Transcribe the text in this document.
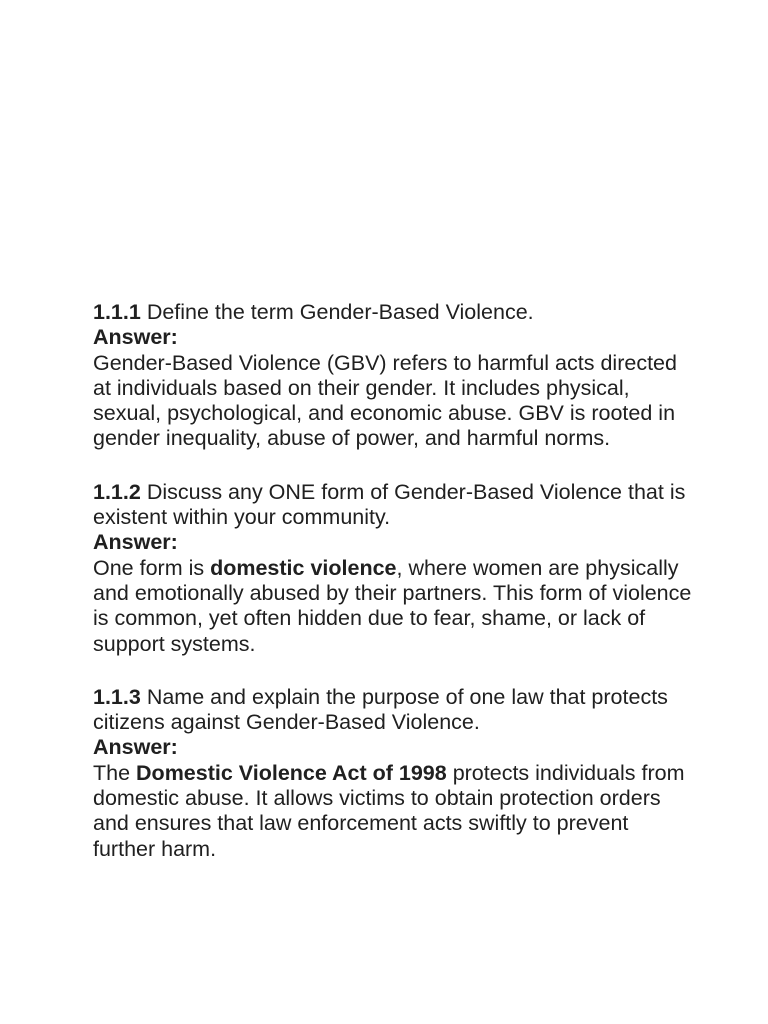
1.1.1 Define the term Gender-Based Violence.

Answer:

Gender-Based Violence (GBV) refers to harmful acts directed at individuals based on their gender. It includes physical, sexual, psychological, and economic abuse. GBV is rooted in gender inequality, abuse of power, and harmful norms.

1.1.2 Discuss any ONE form of Gender-Based Violence that is existent within your community.

Answer:

One form is domestic violence, where women are physically and emotionally abused by their partners. This form of violence is common, yet often hidden due to fear, shame, or lack of support systems.

1.1.3 Name and explain the purpose of one law that protects citizens against Gender-Based Violence.

Answer:

The Domestic Violence Act of 1998 protects individuals from domestic abuse. It allows victims to obtain protection orders and ensures that law enforcement acts swiftly to prevent further harm.
